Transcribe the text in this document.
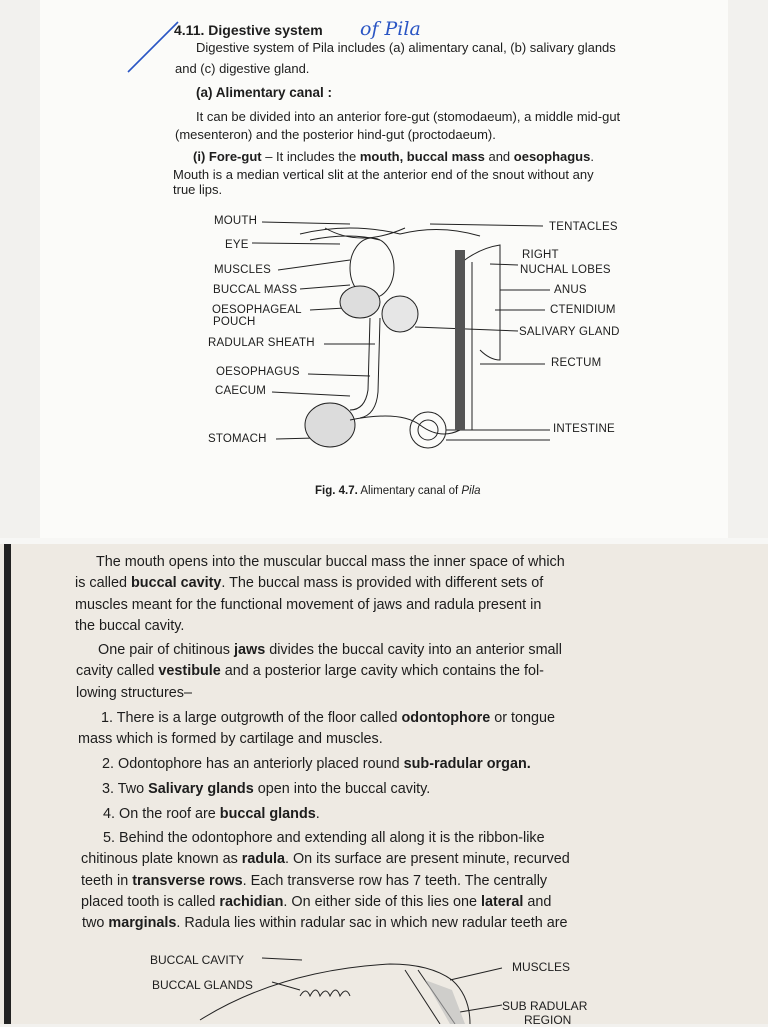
4.11. Digestive system of Pila
Digestive system of Pila includes (a) alimentary canal, (b) salivary glands
and (c) digestive gland.
(a) Alimentary canal :
It can be divided into an anterior fore-gut (stomodaeum), a middle mid-gut
(mesenteron) and the posterior hind-gut (proctodaeum).
(i) Fore-gut – It includes the mouth, buccal mass and oesophagus.
Mouth is a median vertical slit at the anterior end of the snout without any
true lips.
MOUTH
EYE
MUSCLES
BUCCAL MASS
OESOPHAGEAL
POUCH
RADULAR SHEATH
OESOPHAGUS
CAECUM
STOMACH
TENTACLES
RIGHT
NUCHAL LOBES
ANUS
CTENIDIUM
SALIVARY GLAND
RECTUM
INTESTINE
Fig. 4.7. Alimentary canal of Pila
The mouth opens into the muscular buccal mass the inner space of which
is called buccal cavity. The buccal mass is provided with different sets of
muscles meant for the functional movement of jaws and radula present in
the buccal cavity.
One pair of chitinous jaws divides the buccal cavity into an anterior small
cavity called vestibule and a posterior large cavity which contains the fol-
lowing structures–
1. There is a large outgrowth of the floor called odontophore or tongue
mass which is formed by cartilage and muscles.
2. Odontophore has an anteriorly placed round sub-radular organ.
3. Two Salivary glands open into the buccal cavity.
4. On the roof are buccal glands.
5. Behind the odontophore and extending all along it is the ribbon-like
chitinous plate known as radula. On its surface are present minute, recurved
teeth in transverse rows. Each transverse row has 7 teeth. The centrally
placed tooth is called rachidian. On either side of this lies one lateral and
two marginals. Radula lies within radular sac in which new radular teeth are
BUCCAL CAVITY
BUCCAL GLANDS
MUSCLES
SUB RADULAR
REGION
